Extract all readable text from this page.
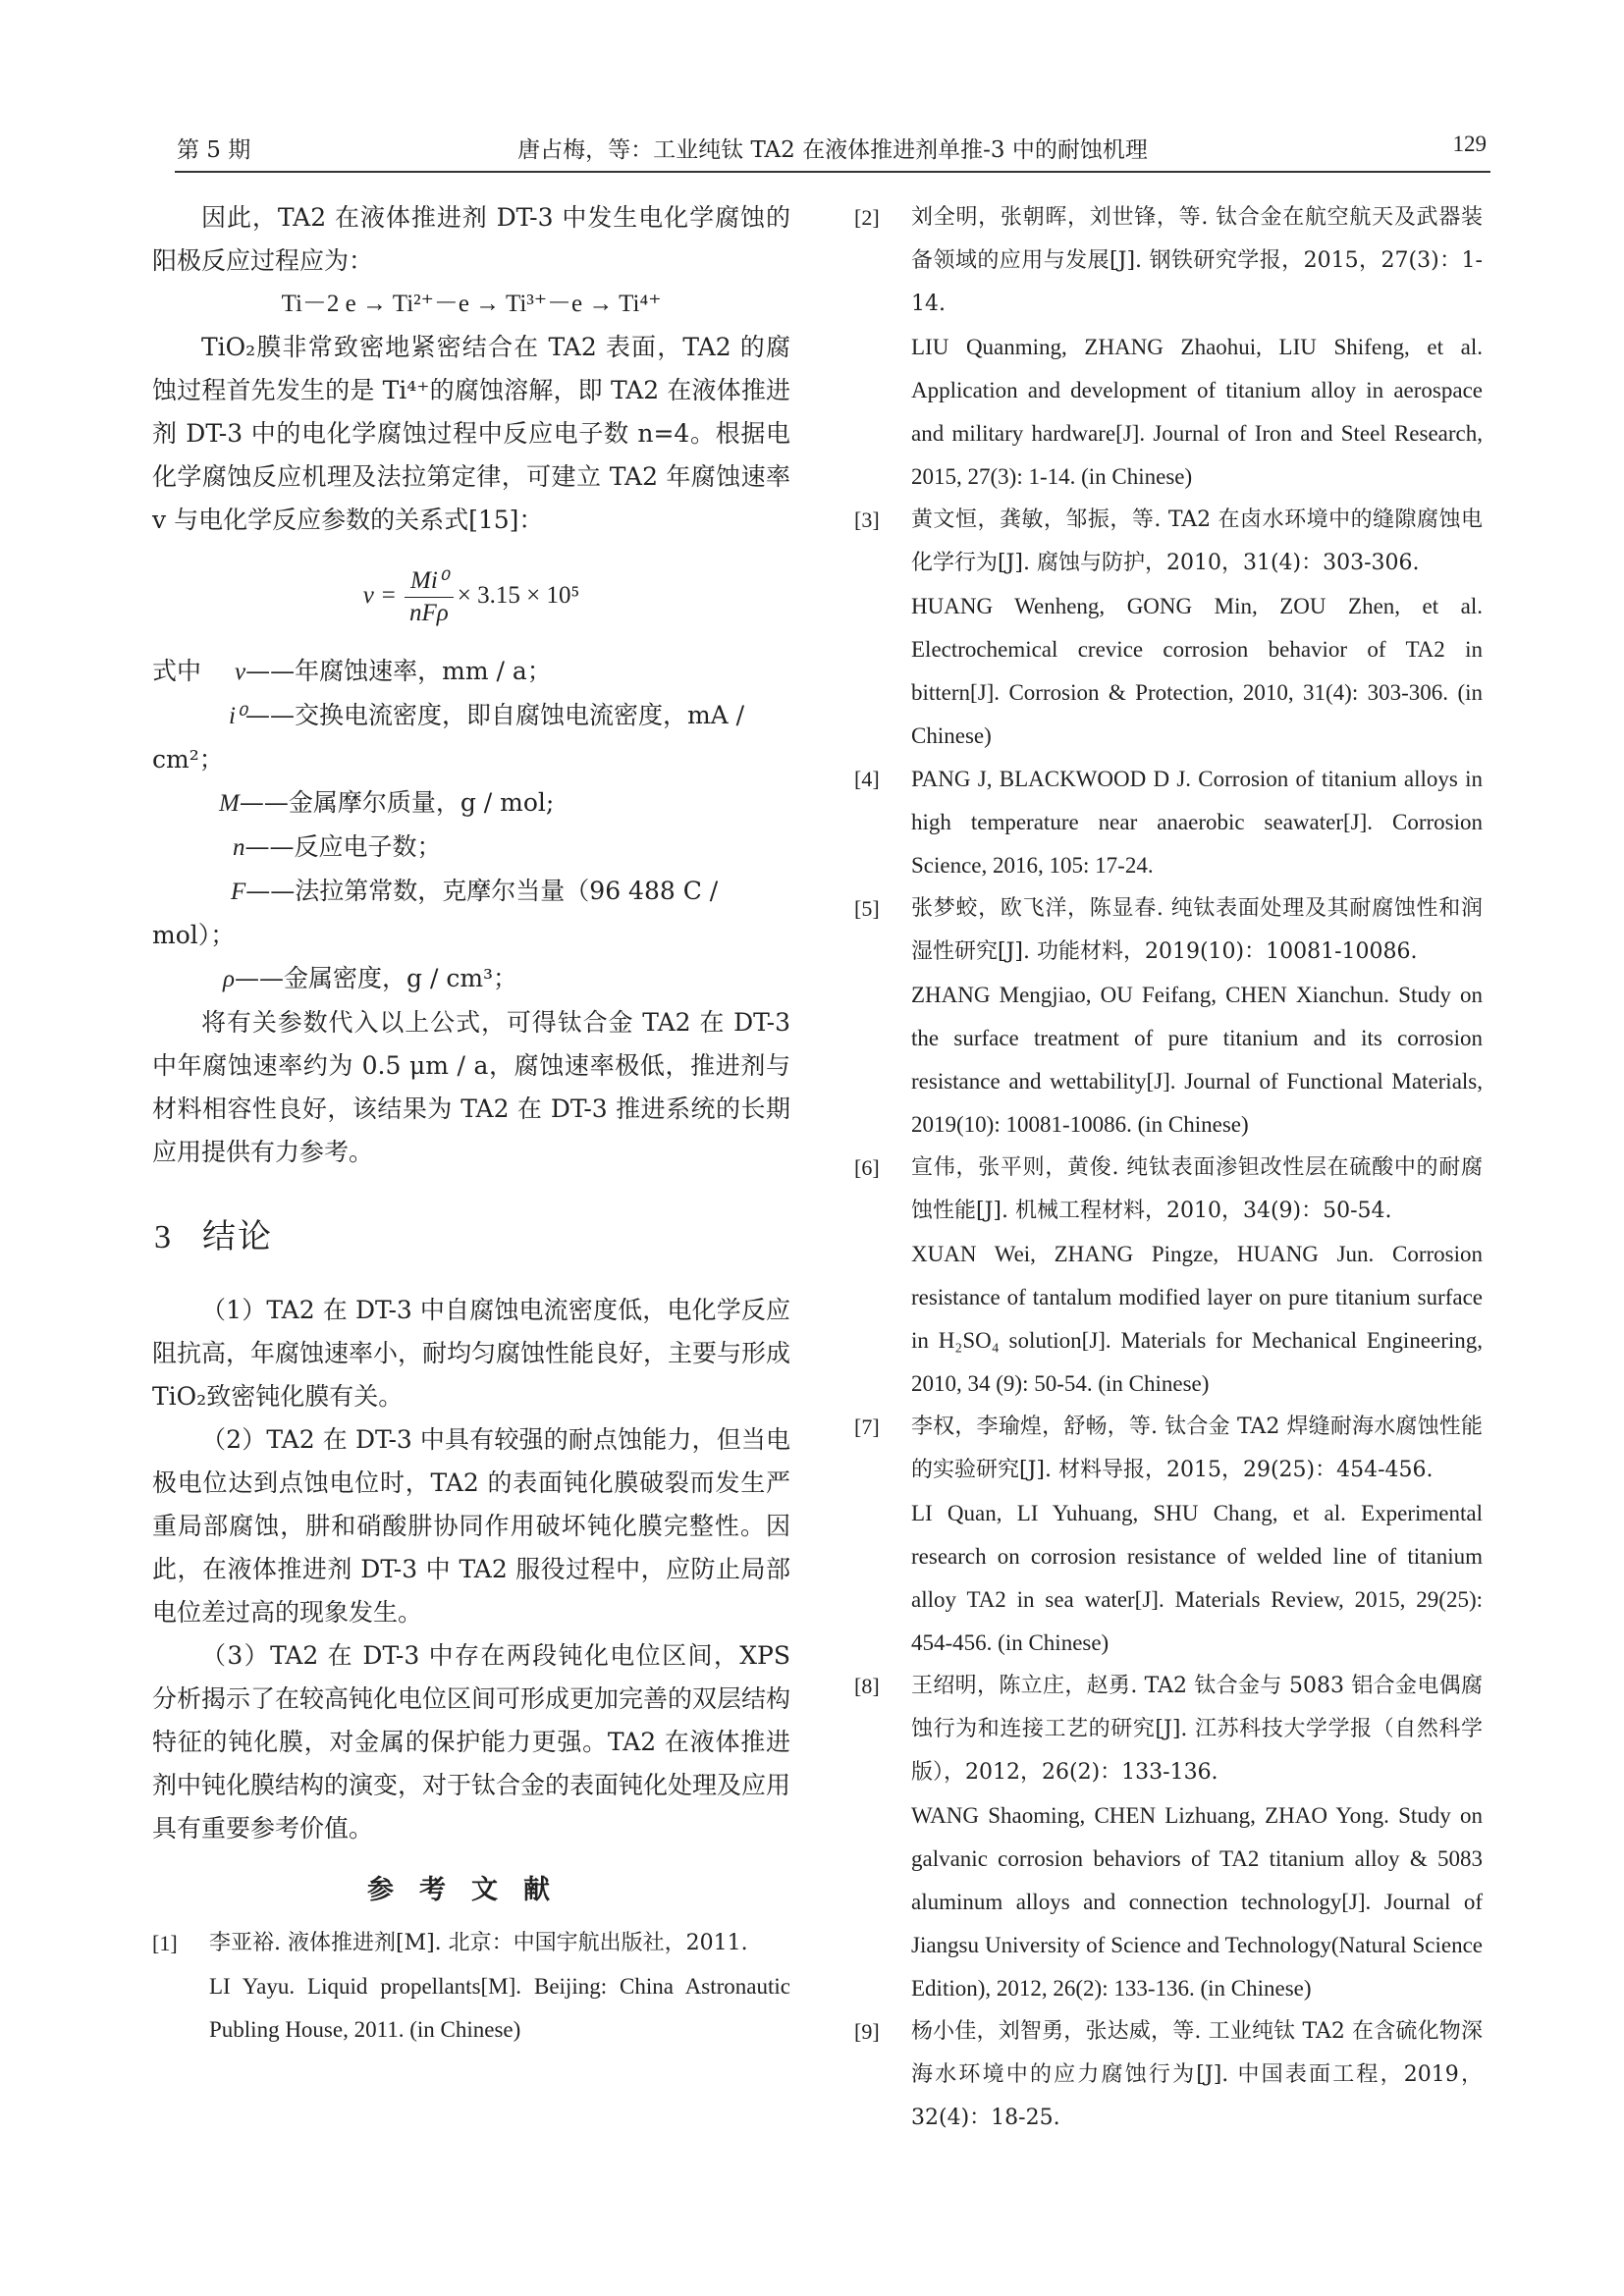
第 5 期	唐占梅，等：工业纯钛 TA2 在液体推进剂单推-3 中的耐蚀机理	129

因此，TA2 在液体推进剂 DT-3 中发生电化学腐蚀的阳极反应过程应为：

Ti－2 e → Ti²⁺－e → Ti³⁺－e → Ti⁴⁺

TiO₂膜非常致密地紧密结合在 TA2 表面，TA2 的腐蚀过程首先发生的是 Ti⁴⁺的腐蚀溶解，即 TA2 在液体推进剂 DT-3 中的电化学腐蚀过程中反应电子数 n=4。根据电化学腐蚀反应机理及法拉第定律，可建立 TA2 年腐蚀速率 v 与电化学反应参数的关系式[15]：

$v = \frac{\text{Mi⁰}}{\text{nFρ}} \times 3.15 \times 10^5$
式中 v——年腐蚀速率，mm / a；
i⁰——交换电流密度，即自腐蚀电流密度，mA / cm²；
M——金属摩尔质量，g / mol;
n——反应电子数；
F——法拉第常数，克摩尔当量（96 488 C / mol）；
ρ——金属密度，g / cm³；

将有关参数代入以上公式，可得钛合金 TA2 在 DT-3 中年腐蚀速率约为 0.5 μm / a，腐蚀速率极低，推进剂与材料相容性良好，该结果为 TA2 在 DT-3 推进系统的长期应用提供有力参考。

3 结论

（1）TA2 在 DT-3 中自腐蚀电流密度低，电化学反应阻抗高，年腐蚀速率小，耐均匀腐蚀性能良好，主要与形成 TiO₂致密钝化膜有关。

（2）TA2 在 DT-3 中具有较强的耐点蚀能力，但当电极电位达到点蚀电位时，TA2 的表面钝化膜破裂而发生严重局部腐蚀，肼和硝酸肼协同作用破坏钝化膜完整性。因此，在液体推进剂 DT-3 中 TA2 服役过程中，应防止局部电位差过高的现象发生。

（3）TA2 在 DT-3 中存在两段钝化电位区间，XPS 分析揭示了在较高钝化电位区间可形成更加完善的双层结构特征的钝化膜，对金属的保护能力更强。TA2 在液体推进剂中钝化膜结构的演变，对于钛合金的表面钝化处理及应用具有重要参考价值。

参考文献
[1] 李亚裕. 液体推进剂[M]. 北京：中国宇航出版社，2011.
LI Yayu. Liquid propellants[M]. Beijing: China Astronautic Publing House, 2011. (in Chinese)
[2] 刘全明，张朝晖，刘世锋，等. 钛合金在航空航天及武器装备领域的应用与发展[J]. 钢铁研究学报，2015，27(3)：1-14.
LIU Quanming, ZHANG Zhaohui, LIU Shifeng, et al. Application and development of titanium alloy in aerospace and military hardware[J]. Journal of Iron and Steel Research, 2015, 27(3): 1-14. (in Chinese)
[3] 黄文恒，龚敏，邹振，等. TA2 在卤水环境中的缝隙腐蚀电化学行为[J]. 腐蚀与防护，2010，31(4)：303-306.
HUANG Wenheng, GONG Min, ZOU Zhen, et al. Electrochemical crevice corrosion behavior of TA2 in bittern[J]. Corrosion & Protection, 2010, 31(4): 303-306. (in Chinese)
[4] PANG J, BLACKWOOD D J. Corrosion of titanium alloys in high temperature near anaerobic seawater[J]. Corrosion Science, 2016, 105: 17-24.
[5] 张梦蛟，欧飞洋，陈显春. 纯钛表面处理及其耐腐蚀性和润湿性研究[J]. 功能材料，2019(10)：10081-10086.
ZHANG Mengjiao, OU Feifang, CHEN Xianchun. Study on the surface treatment of pure titanium and its corrosion resistance and wettability[J]. Journal of Functional Materials, 2019(10): 10081-10086. (in Chinese)
[6] 宣伟，张平则，黄俊. 纯钛表面渗钽改性层在硫酸中的耐腐蚀性能[J]. 机械工程材料，2010，34(9)：50-54.
XUAN Wei, ZHANG Pingze, HUANG Jun. Corrosion resistance of tantalum modified layer on pure titanium surface in H₂SO₄ solution[J]. Materials for Mechanical Engineering, 2010, 34 (9): 50-54. (in Chinese)
[7] 李权，李瑜煌，舒畅，等. 钛合金 TA2 焊缝耐海水腐蚀性能的实验研究[J]. 材料导报，2015，29(25)：454-456.
LI Quan, LI Yuhuang, SHU Chang, et al. Experimental research on corrosion resistance of welded line of titanium alloy TA2 in sea water[J]. Materials Review, 2015, 29(25): 454-456. (in Chinese)
[8] 王绍明，陈立庄，赵勇. TA2 钛合金与 5083 铝合金电偶腐蚀行为和连接工艺的研究[J]. 江苏科技大学学报（自然科学版），2012，26(2)：133-136.
WANG Shaoming, CHEN Lizhuang, ZHAO Yong. Study on galvanic corrosion behaviors of TA2 titanium alloy & 5083 aluminum alloys and connection technology[J]. Journal of Jiangsu University of Science and Technology(Natural Science Edition), 2012, 26(2): 133-136. (in Chinese)
[9] 杨小佳，刘智勇，张达威，等. 工业纯钛 TA2 在含硫化物深海水环境中的应力腐蚀行为[J]. 中国表面工程，2019，32(4)：18-25.
